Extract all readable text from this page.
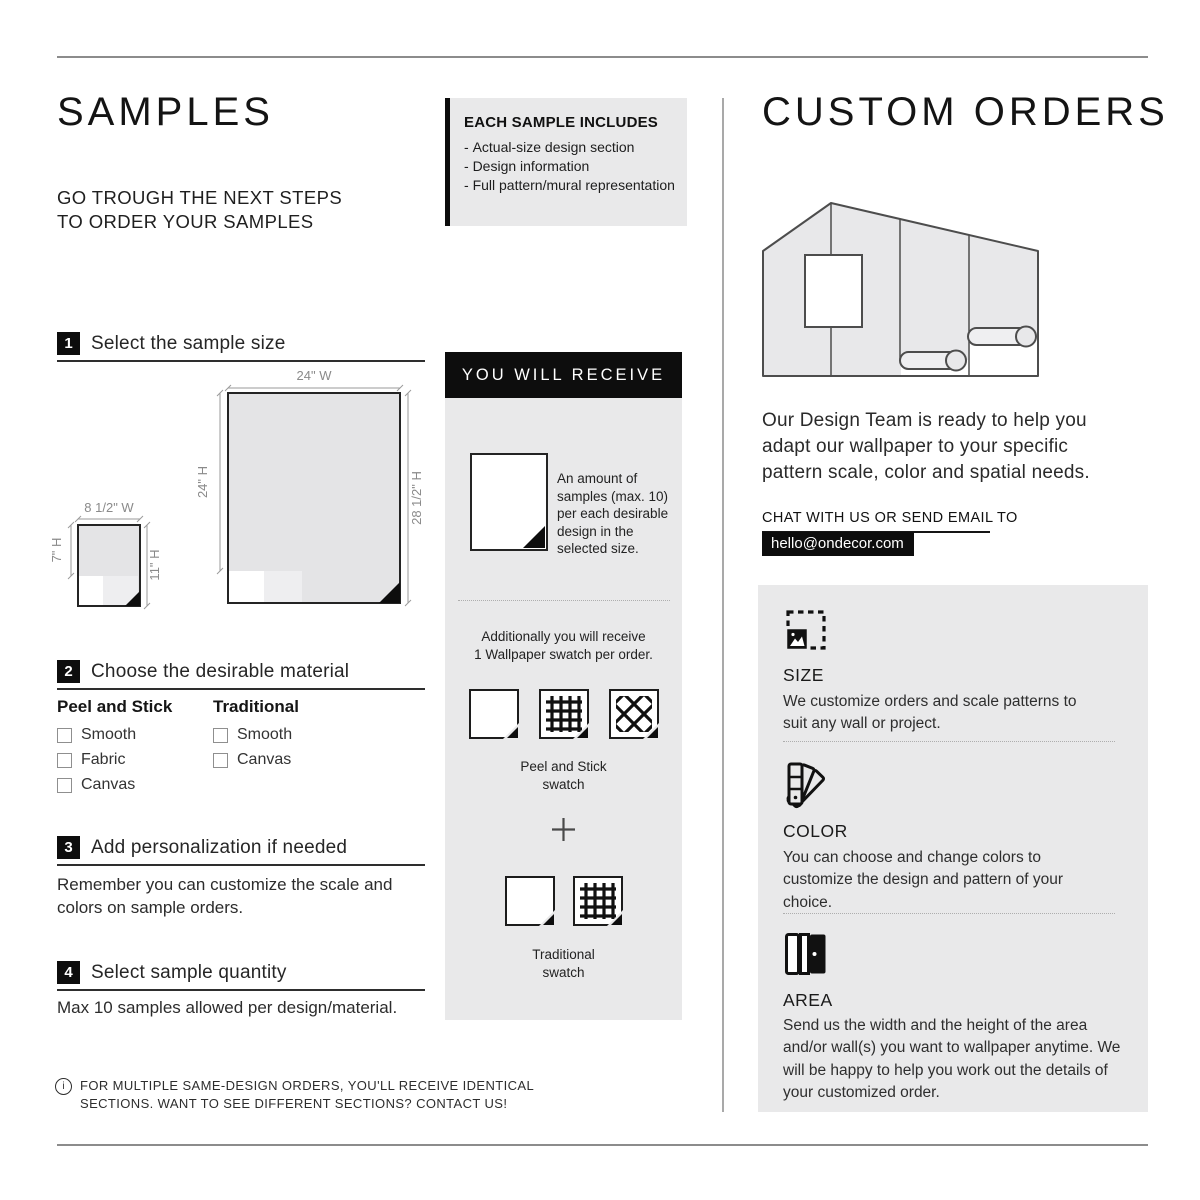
SAMPLES
GO TROUGH THE NEXT STEPS
TO ORDER YOUR SAMPLES
EACH SAMPLE INCLUDES
- Actual-size design section
- Design information
- Full pattern/mural representation
1 Select the sample size
24" W
24" H	28 1/2" H
8 1/2" W
7" H	11" H
2 Choose the desirable material
Peel and Stick
Smooth
Fabric
Canvas
Traditional
Smooth
Canvas
3 Add personalization if needed
Remember you can customize the scale and colors on sample orders.
4 Select sample quantity
Max 10 samples allowed per design/material.
i FOR MULTIPLE SAME-DESIGN ORDERS, YOU'LL RECEIVE IDENTICAL
SECTIONS. WANT TO SEE DIFFERENT SECTIONS? CONTACT US!
YOU WILL RECEIVE
An amount of samples (max. 10) per each desirable design in the selected size.
Additionally you will receive
1 Wallpaper swatch per order.
Peel and Stick
swatch
Traditional
swatch
CUSTOM ORDERS
Our Design Team is ready to help you adapt our wallpaper to your specific pattern scale, color and spatial needs.
CHAT WITH US OR SEND EMAIL TO
hello@ondecor.com
SIZE
We customize orders and scale patterns to suit any wall or project.
COLOR
You can choose and change colors to customize the design and pattern of your choice.
AREA
Send us the width and the height of the area and/or wall(s) you want to wallpaper anytime. We will be happy to help you work out the details of your customized order.
